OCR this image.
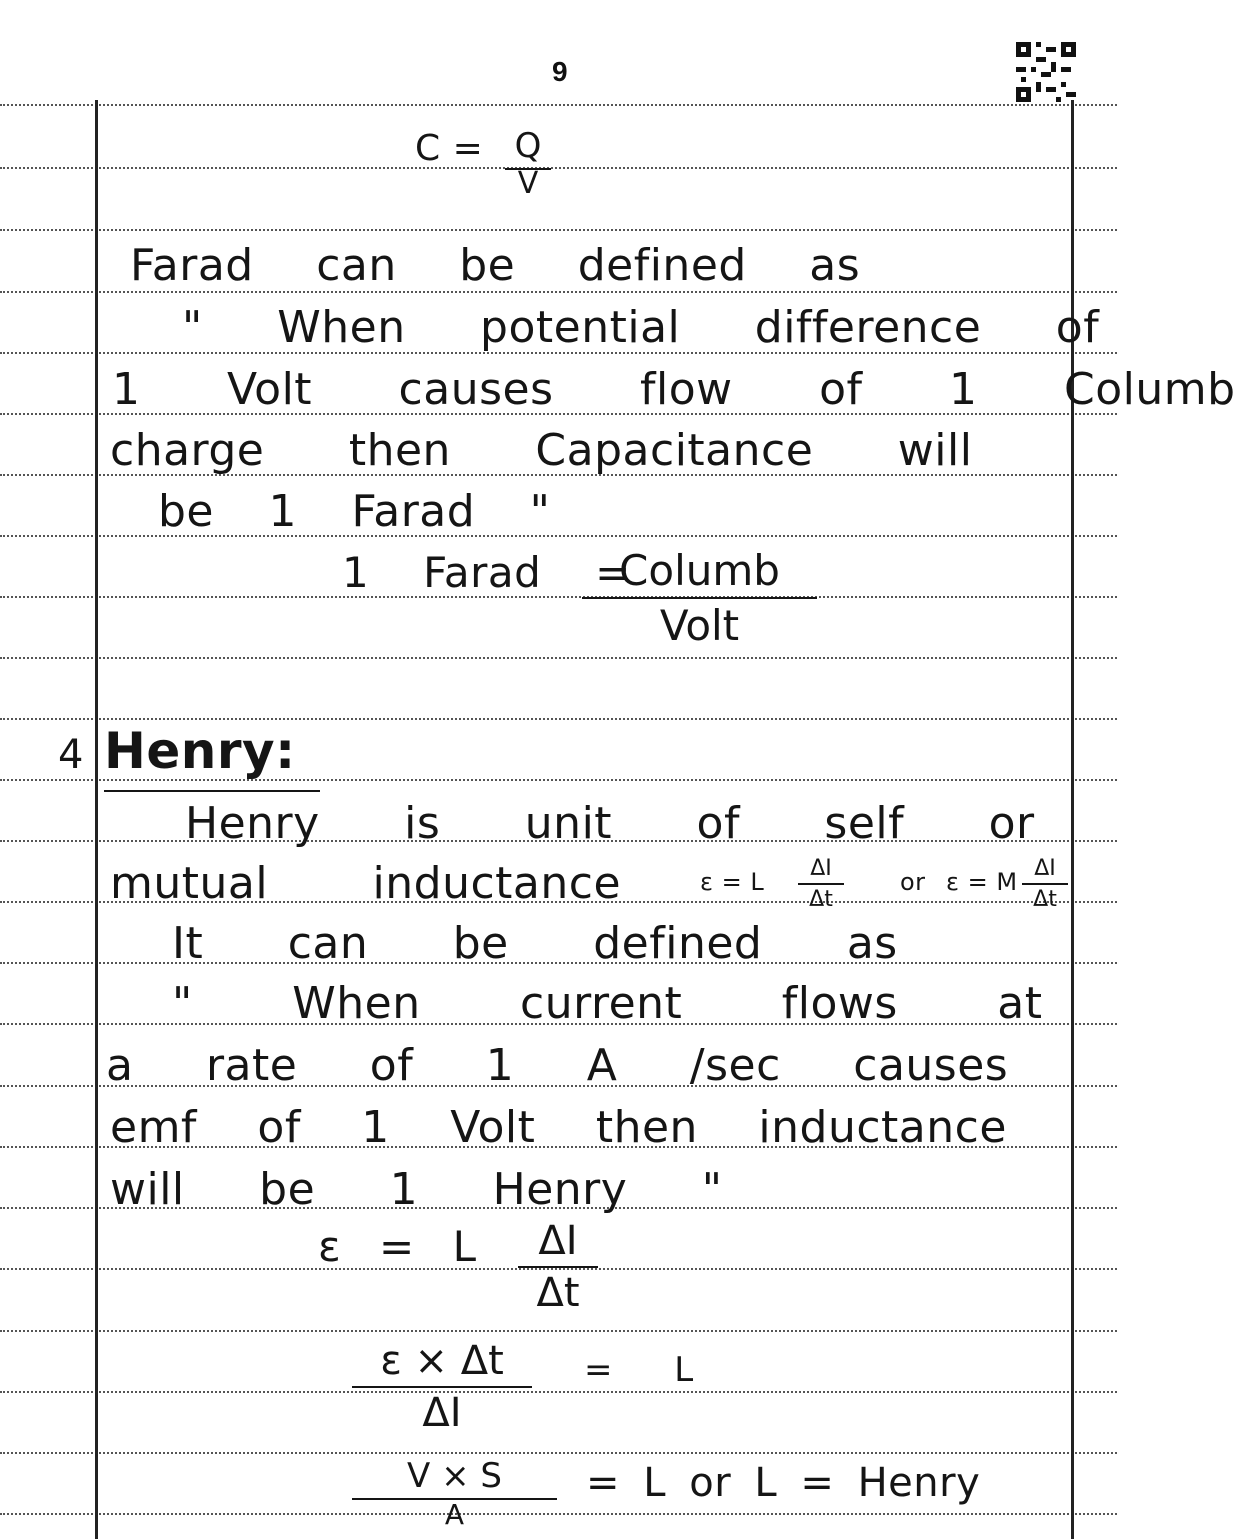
9
C = Q
V
Farad can be defined as
" When potential difference of
1 Volt causes flow of 1 Columb
charge then Capacitance will
be 1 Farad "
1 Farad =
Columb
Volt
4 Henry:
Henry is unit of self or
mutual inductance	ε = L	ΔI
Δt
or ε = M ΔI
Δt
It can be defined as
" When current flows at
a rate of 1 A /sec causes
emf of 1 Volt then inductance
will be 1 Henry "
ε = L	ΔI
Δt
ε × Δt
ΔI
= L
V × S
A
= L or L = Henry
